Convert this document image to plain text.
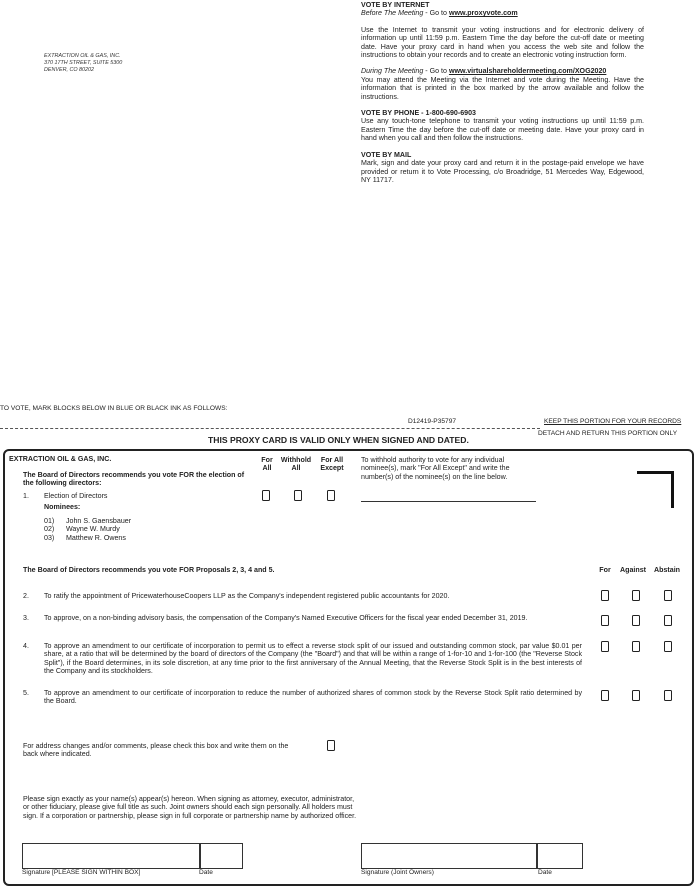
EXTRACTION OIL & GAS, INC.
370 17TH STREET, SUITE 5300
DENVER, CO 80202
VOTE BY INTERNET
Before The Meeting - Go to www.proxyvote.com
Use the Internet to transmit your voting instructions and for electronic delivery of information up until 11:59 p.m. Eastern Time the day before the cut-off date or meeting date. Have your proxy card in hand when you access the web site and follow the instructions to obtain your records and to create an electronic voting instruction form.
During The Meeting - Go to www.virtualshareholdermeeting.com/XOG2020
You may attend the Meeting via the Internet and vote during the Meeting. Have the information that is printed in the box marked by the arrow available and follow the instructions.
VOTE BY PHONE - 1-800-690-6903
Use any touch-tone telephone to transmit your voting instructions up until 11:59 p.m. Eastern Time the day before the cut-off date or meeting date. Have your proxy card in hand when you call and then follow the instructions.
VOTE BY MAIL
Mark, sign and date your proxy card and return it in the postage-paid envelope we have provided or return it to Vote Processing, c/o Broadridge, 51 Mercedes Way, Edgewood, NY 11717.
TO VOTE, MARK BLOCKS BELOW IN BLUE OR BLACK INK AS FOLLOWS:
D12419-P35797	KEEP THIS PORTION FOR YOUR RECORDS
DETACH AND RETURN THIS PORTION ONLY
THIS PROXY CARD IS VALID ONLY WHEN SIGNED AND DATED.
EXTRACTION OIL & GAS, INC.
The Board of Directors recommends you vote FOR the election of the following directors:
For All
Withhold All
For All Except
To withhold authority to vote for any individual nominee(s), mark "For All Except" and write the number(s) of the nominee(s) on the line below.
1. Election of Directors
Nominees:
01) John S. Gaensbauer
02) Wayne W. Murdy
03) Matthew R. Owens
The Board of Directors recommends you vote FOR Proposals 2, 3, 4 and 5.	For	Against	Abstain
2. To ratify the appointment of PricewaterhouseCoopers LLP as the Company's independent registered public accountants for 2020.
3. To approve, on a non-binding advisory basis, the compensation of the Company's Named Executive Officers for the fiscal year ended December 31, 2019.
4. To approve an amendment to our certificate of incorporation to permit us to effect a reverse stock split of our issued and outstanding common stock, par value $0.01 per share, at a ratio that will be determined by the board of directors of the Company (the "Board") and that will be within a range of 1-for-10 and 1-for-100 (the "Reverse Stock Split"), if the Board determines, in its sole discretion, at any time prior to the first anniversary of the Annual Meeting, that the Reverse Stock Split is in the best interests of the Company and its stockholders.
5. To approve an amendment to our certificate of incorporation to reduce the number of authorized shares of common stock by the Reverse Stock Split ratio determined by the Board.
For address changes and/or comments, please check this box and write them on the back where indicated.
Please sign exactly as your name(s) appear(s) hereon. When signing as attorney, executor, administrator, or other fiduciary, please give full title as such. Joint owners should each sign personally. All holders must sign. If a corporation or partnership, please sign in full corporate or partnership name by authorized officer.
Signature [PLEASE SIGN WITHIN BOX]	Date	Signature (Joint Owners)	Date
